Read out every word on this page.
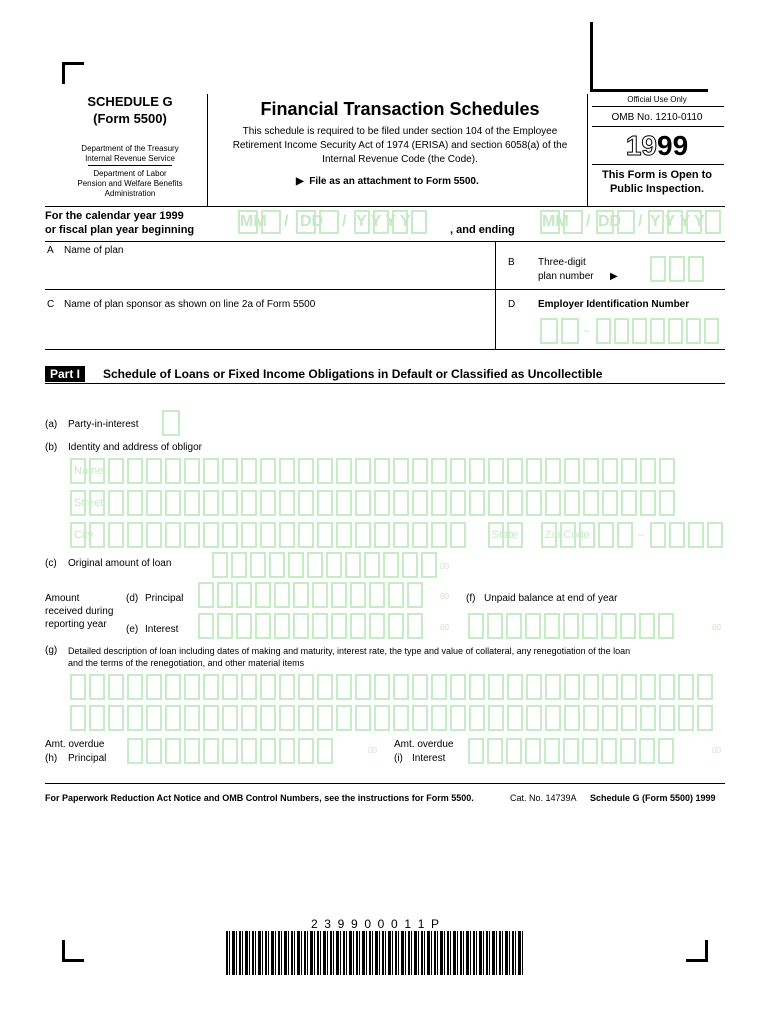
SCHEDULE G
(Form 5500)
Department of the Treasury
Internal Revenue Service
Department of Labor
Pension and Welfare Benefits
Administration
Financial Transaction Schedules
This schedule is required to be filed under section 104 of the Employee
Retirement Income Security Act of 1974 (ERISA) and section 6058(a) of the
Internal Revenue Code (the Code).
▶ File as an attachment to Form 5500.
Official Use Only
OMB No. 1210-0110
1999
This Form is Open to
Public Inspection.
For the calendar year 1999
or fiscal plan year beginning	MM / DD / YYYY	, and ending MM / DD / YYYY
A Name of plan
B Three-digit
plan number ▶
C Name of plan sponsor as shown on line 2a of Form 5500	D Employer Identification Number
–
Part I	Schedule of Loans or Fixed Income Obligations in Default or Classified as Uncollectible
(a) Party-in-interest
(b) Identity and address of obligor
Name
Street
City	State Zip Code	–
(c) Original amount of loan	00
Amount
received during
reporting year
(d) Principal	00
(e) Interest	00
(f) Unpaid balance at end of year
00
(g) Detailed description of loan including dates of making and maturity, interest rate, the type and value of collateral, any renegotiation of the loan
and the terms of the renegotiation, and other material items
Amt. overdue
(h) Principal
00
Amt. overdue
(i) Interest
00
For Paperwork Reduction Act Notice and OMB Control Numbers, see the instructions for Form 5500.	Cat. No. 14739A Schedule G (Form 5500) 1999
2  3  9  9  0  0  0  1  1  P
